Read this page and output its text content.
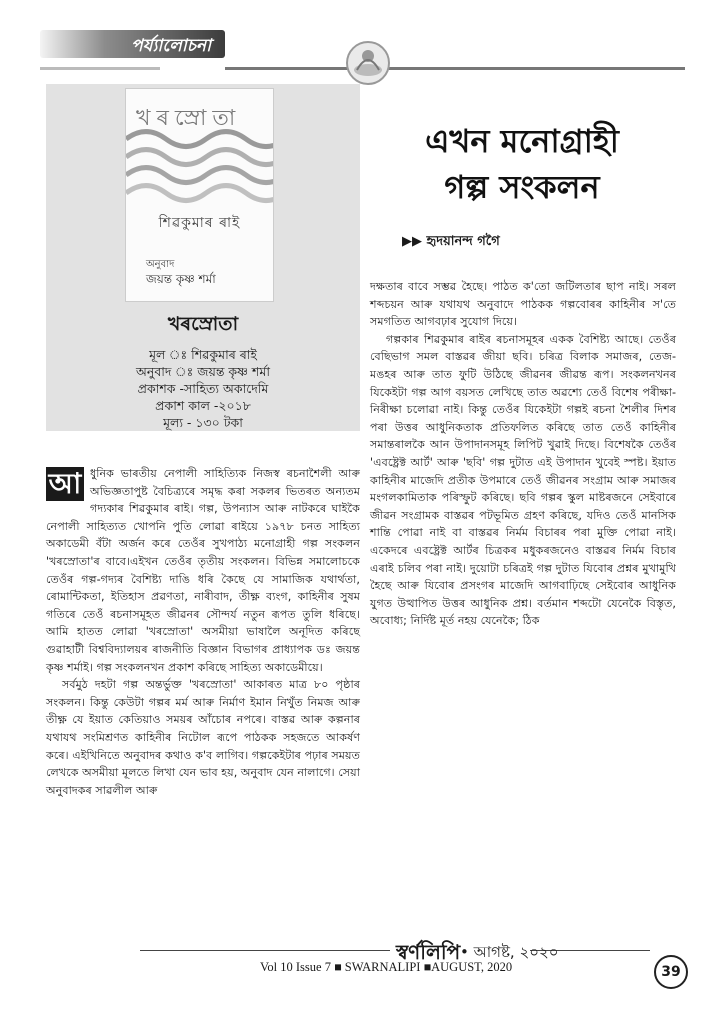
পৰ্য্যালোচনা
খৰস্ৰোতা
শিৱকুমাৰ ৰাই
অনুবাদ
জয়ন্ত কৃষ্ণ শৰ্মা
খৰস্ৰোতা
মূল ঃ শিৱকুমাৰ ৰাই
অনুবাদ ঃ জয়ন্ত কৃষ্ণ শৰ্মা
প্ৰকাশক -সাহিত্য অকাদেমি
প্ৰকাশ কাল -২০১৮
মূল্য - ১৩০ টকা
এখন মনোগ্ৰাহী
গল্প সংকলন
▶▶ হৃদয়ানন্দ গগৈ

আ ধুনিক ভাৰতীয় নেপালী সাহিত্যিক নিজস্ব ৰচনাশৈলী আৰু অভিজ্ঞতাপুষ্ট বৈচিত্ৰ্যৰে সমৃদ্ধ কৰা সকলৰ ভিতৰত অন্যতম গদ্যকাৰ শিৱকুমাৰ ৰাই। গল্প, উপন্যাস আৰু নাটকৰে ঘাইকৈ নেপালী সাহিত্যত খোপনি পুতি লোৱা ৰাইয়ে ১৯৭৮ চনত সাহিত্য অকাডেমী বঁটা অৰ্জন কৰে তেওঁৰ সুখপাঠ্য মনোগ্ৰাহী গল্প সংকলন 'খৰস্ৰোতা'ৰ বাবে।এইখন তেওঁৰ তৃতীয় সংকলন। বিভিন্ন সমালোচকে তেওঁৰ গল্প-গদ্যৰ বৈশিষ্ট্য দাঙি ধৰি কৈছে যে সামাজিক যথাৰ্থতা, ৰোমান্টিকতা, ইতিহাস প্ৰৱণতা, নাৰীবাদ, তীক্ষ্ণ ব্যংগ, কাহিনীৰ সুষম গতিৰে তেওঁ ৰচনাসমূহত জীৱনৰ সৌন্দৰ্য নতুন ৰূপত তুলি ধৰিছে। আমি হাতত লোৱা 'খৰস্ৰোতা' অসমীয়া ভাষালৈ অনূদিত কৰিছে গুৱাহাটী বিশ্ববিদ্যালয়ৰ ৰাজনীতি বিজ্ঞান বিভাগৰ প্ৰাধ্যাপক ডঃ জয়ন্ত কৃষ্ণ শৰ্মাই। গল্প সংকলনখন প্ৰকাশ কৰিছে সাহিত্য অকাডেমীয়ে।

সৰ্বমুঠ দহটা গল্প অন্তৰ্ভুক্ত 'খৰস্ৰোতা' আকাৰত মাত্ৰ ৮০ পৃষ্ঠাৰ সংকলন। কিন্তু কেউটা গল্পৰ মৰ্ম আৰু নিৰ্মাণ ইমান নিখুঁত নিমজ আৰু তীক্ষ্ণ যে ইয়াত কেতিয়াও সময়ৰ আঁচোৰ নপৰে। বাস্তৱ আৰু কল্পনাৰ যথাযথ সংমিশ্ৰণত কাহিনীৰ নিটোল ৰূপে পাঠকক সহজতে আকৰ্ষণ কৰে। এইখিনিতে অনুবাদৰ কথাও ক'ব লাগিব। গল্পকেইটাৰ পঢ়াৰ সময়ত লেখকে অসমীয়া মূলতে লিখা যেন ভাব হয়, অনুবাদ যেন নালাগে। সেয়া অনুবাদকৰ সাৱলীল আৰু

দক্ষতাৰ বাবে সম্ভৱ হৈছে। পাঠত ক'তো জটিলতাৰ ছাপ নাই। সৰল শব্দচয়ন আৰু যথাযথ অনুবাদে পাঠকক গল্পবোৰৰ কাহিনীৰ স'তে সমগতিত আগবঢ়াৰ সুযোগ দিয়ে।

গল্পকাৰ শিৱকুমাৰ ৰাইৰ ৰচনাসমূহৰ একক বৈশিষ্ট্য আছে। তেওঁৰ বেছিভাগ সমল বাস্তৱৰ জীয়া ছবি। চৰিত্ৰ বিলাক সমাজৰ, তেজ-মঙহৰ আৰু তাত ফুটি উঠিছে জীৱনৰ জীৱন্ত ৰূপ। সংকলনখনৰ যিকেইটা গল্প আগ বয়সত লেখিছে তাত অৱশ্যে তেওঁ বিশেষ পৰীক্ষা-নিৰীক্ষা চলোৱা নাই। কিন্তু তেওঁৰ যিকেইটা গল্পই ৰচনা শৈলীৰ দিশৰ পৰা উত্তৰ আধুনিকতাক প্ৰতিফলিত কৰিছে তাত তেওঁ কাহিনীৰ সমান্তৰালকৈ আন উপাদানসমূহ লিপিট খুৱাই দিছে। বিশেষকৈ তেওঁৰ 'এবষ্ট্ৰেক্ট আৰ্ট' আৰু 'ছবি' গল্প দুটাত এই উপাদান খুবেই স্পষ্ট। ইয়াত কাহিনীৰ মাজেদি প্ৰতীক উপমাৰে তেওঁ জীৱনৰ সংগ্ৰাম আৰু সমাজৰ মংগলকামিতাক পৰিস্ফুট কৰিছে। ছবি গল্পৰ স্কুল মাষ্টৰজনে সেইবাৰে জীৱন সংগ্ৰামক বাস্তৱৰ পটভূমিত গ্ৰহণ কৰিছে, যদিও তেওঁ মানসিক শান্তি পোৱা নাই বা বাস্তৱৰ নিৰ্মম বিচাৰৰ পৰা মুক্তি পোৱা নাই। একেদৰে এবষ্ট্ৰেক্ট আৰ্টৰ চিত্ৰকৰ মধুকৰজনেও বাস্তৱৰ নিৰ্মম বিচাৰ এৰাই চলিব পৰা নাই। দুয়োটা চৰিত্ৰই গল্প দুটাত যিবোৰ প্ৰশ্নৰ মুখামুখি হৈছে আৰু যিবোৰ প্ৰসংগৰ মাজেদি আগবাঢ়িছে সেইবোৰ আধুনিক যুগত উত্থাপিত উত্তৰ আধুনিক প্ৰশ্ন। বৰ্তমান শব্দটো যেনেকৈ বিস্তৃত, অবোধ্য; নিৰ্দিষ্ট মূৰ্ত নহয় যেনেকৈ; ঠিক

স্বৰ্ণলিপি • আগষ্ট, ২০২০
Vol 10 Issue 7 ■ SWARNALIPI ■AUGUST, 2020	39
